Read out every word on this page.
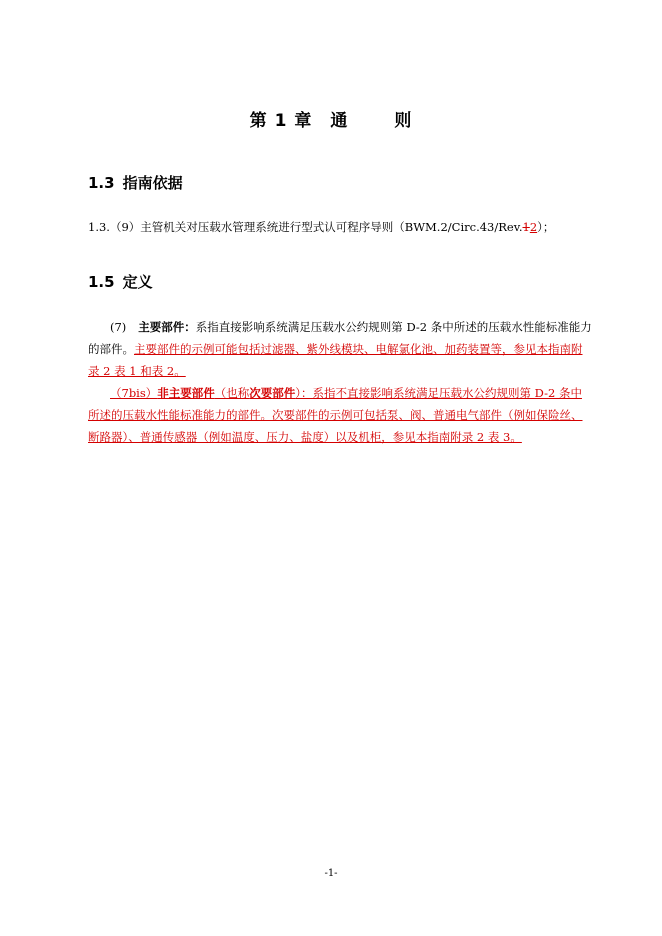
第 1 章 通	则
1.3 指南依据
1.3.（9）主管机关对压载水管理系统进行型式认可程序导则（BWM.2/Circ.43/Rev.12）；
1.5 定义
(7) 主要部件：系指直接影响系统满足压载水公约规则第 D-2 条中所述的压载水性能标准能力的部件。主要部件的示例可能包括过滤器、紫外线模块、电解氯化池、加药装置等，参见本指南附录 2 表 1 和表 2。
（7bis）非主要部件（也称次要部件）：系指不直接影响系统满足压载水公约规则第 D-2 条中所述的压载水性能标准能力的部件。次要部件的示例可包括泵、阀、普通电气部件（例如保险丝、断路器）、普通传感器（例如温度、压力、盐度）以及机柜，参见本指南附录 2 表 3。
-1-
